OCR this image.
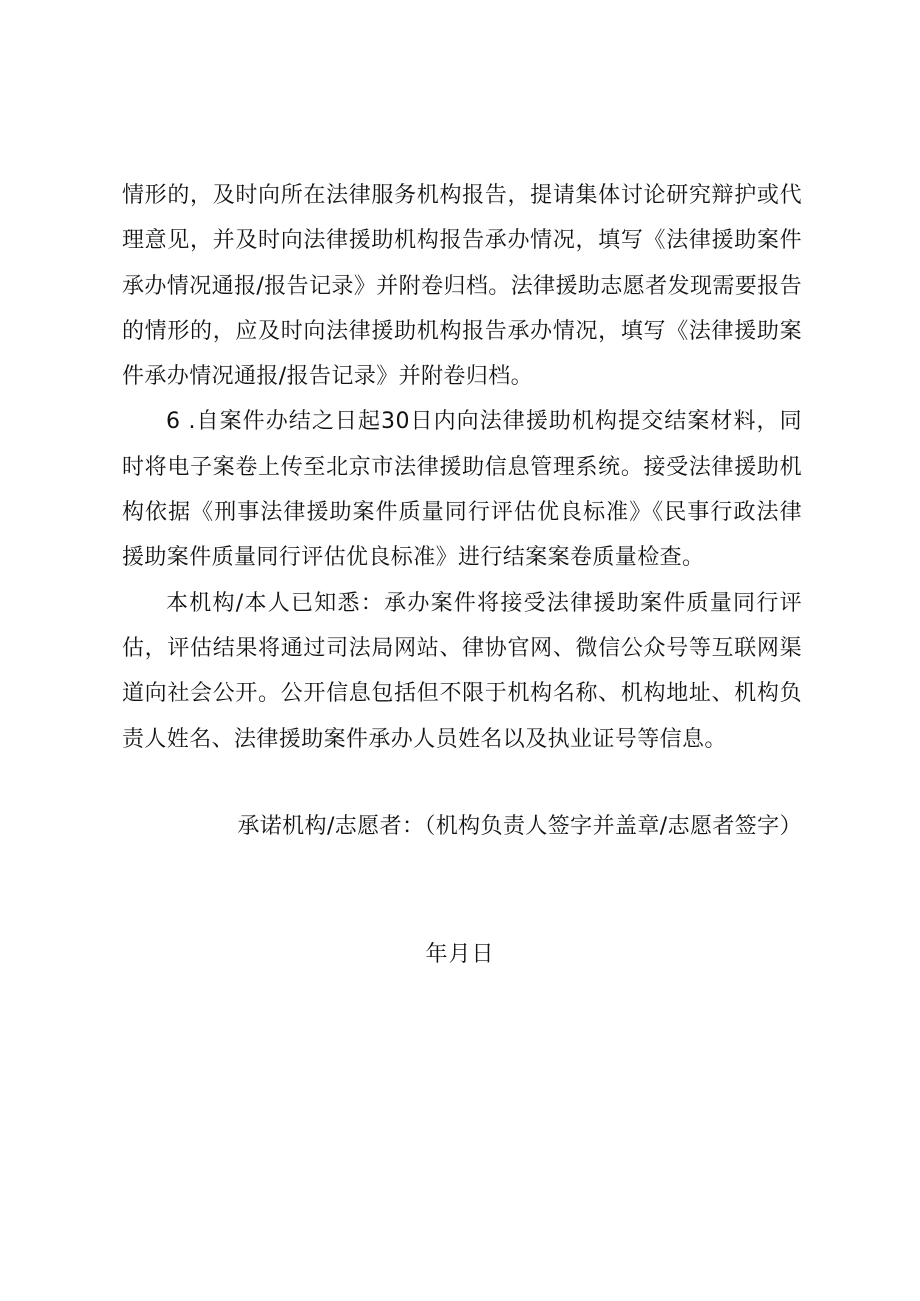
情形的，及时向所在法律服务机构报告，提请集体讨论研究辩护或代理意见，并及时向法律援助机构报告承办情况，填写《法律援助案件承办情况通报/报告记录》并附卷归档。法律援助志愿者发现需要报告的情形的，应及时向法律援助机构报告承办情况，填写《法律援助案件承办情况通报/报告记录》并附卷归档。

6 .自案件办结之日起30日内向法律援助机构提交结案材料，同时将电子案卷上传至北京市法律援助信息管理系统。接受法律援助机构依据《刑事法律援助案件质量同行评估优良标准》《民事行政法律援助案件质量同行评估优良标准》进行结案案卷质量检查。

本机构/本人已知悉：承办案件将接受法律援助案件质量同行评估，评估结果将通过司法局网站、律协官网、微信公众号等互联网渠道向社会公开。公开信息包括但不限于机构名称、机构地址、机构负责人姓名、法律援助案件承办人员姓名以及执业证号等信息。

承诺机构/志愿者：（机构负责人签字并盖章/志愿者签字）
年月日
